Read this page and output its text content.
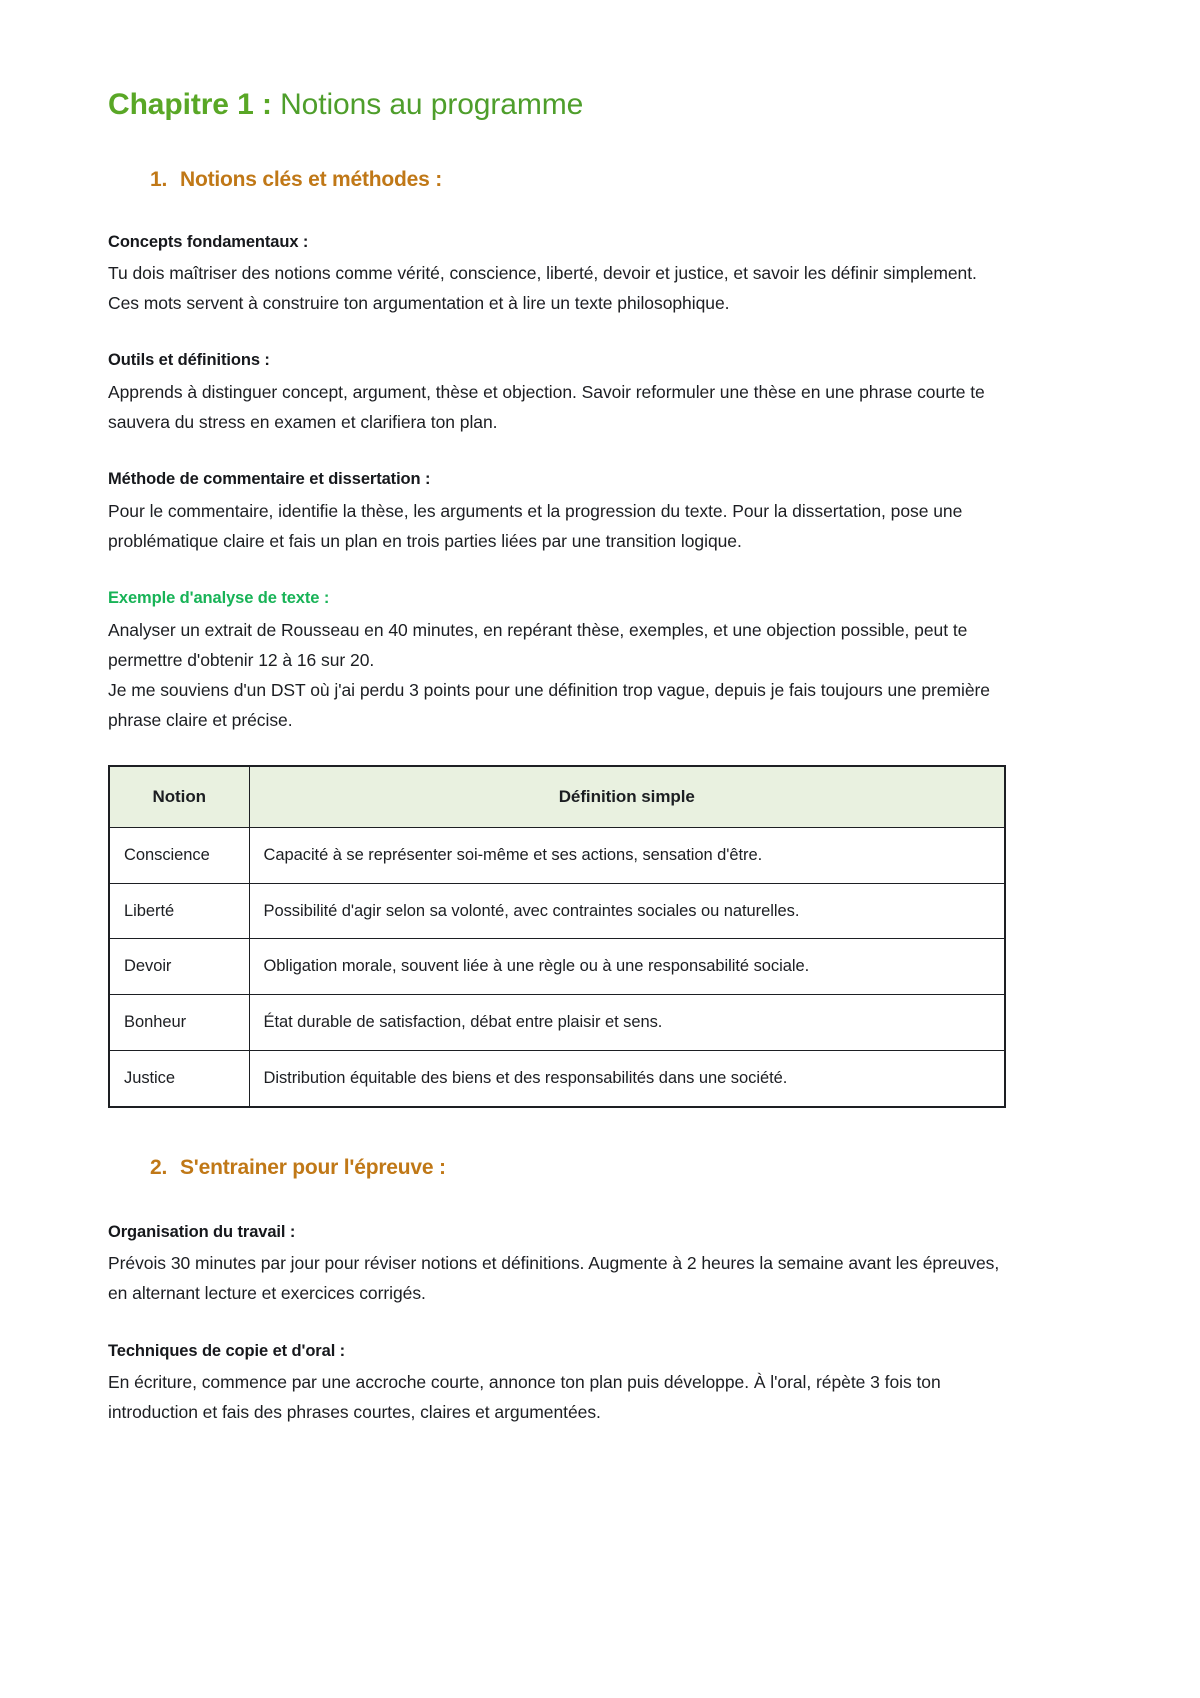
Chapitre 1 : Notions au programme
1. Notions clés et méthodes :
Concepts fondamentaux :

Tu dois maîtriser des notions comme vérité, conscience, liberté, devoir et justice, et savoir les définir simplement. Ces mots servent à construire ton argumentation et à lire un texte philosophique.

Outils et définitions :

Apprends à distinguer concept, argument, thèse et objection. Savoir reformuler une thèse en une phrase courte te sauvera du stress en examen et clarifiera ton plan.

Méthode de commentaire et dissertation :

Pour le commentaire, identifie la thèse, les arguments et la progression du texte. Pour la dissertation, pose une problématique claire et fais un plan en trois parties liées par une transition logique.

Exemple d'analyse de texte :

Analyser un extrait de Rousseau en 40 minutes, en repérant thèse, exemples, et une objection possible, peut te permettre d'obtenir 12 à 16 sur 20.

Je me souviens d'un DST où j'ai perdu 3 points pour une définition trop vague, depuis je fais toujours une première phrase claire et précise.

Notion	Définition simple
Conscience	Capacité à se représenter soi-même et ses actions, sensation d'être.
Liberté	Possibilité d'agir selon sa volonté, avec contraintes sociales ou naturelles.
Devoir	Obligation morale, souvent liée à une règle ou à une responsabilité sociale.
Bonheur	État durable de satisfaction, débat entre plaisir et sens.
Justice	Distribution équitable des biens et des responsabilités dans une société.
2. S'entrainer pour l'épreuve :
Organisation du travail :

Prévois 30 minutes par jour pour réviser notions et définitions. Augmente à 2 heures la semaine avant les épreuves, en alternant lecture et exercices corrigés.

Techniques de copie et d'oral :

En écriture, commence par une accroche courte, annonce ton plan puis développe. À l'oral, répète 3 fois ton introduction et fais des phrases courtes, claires et argumentées.
